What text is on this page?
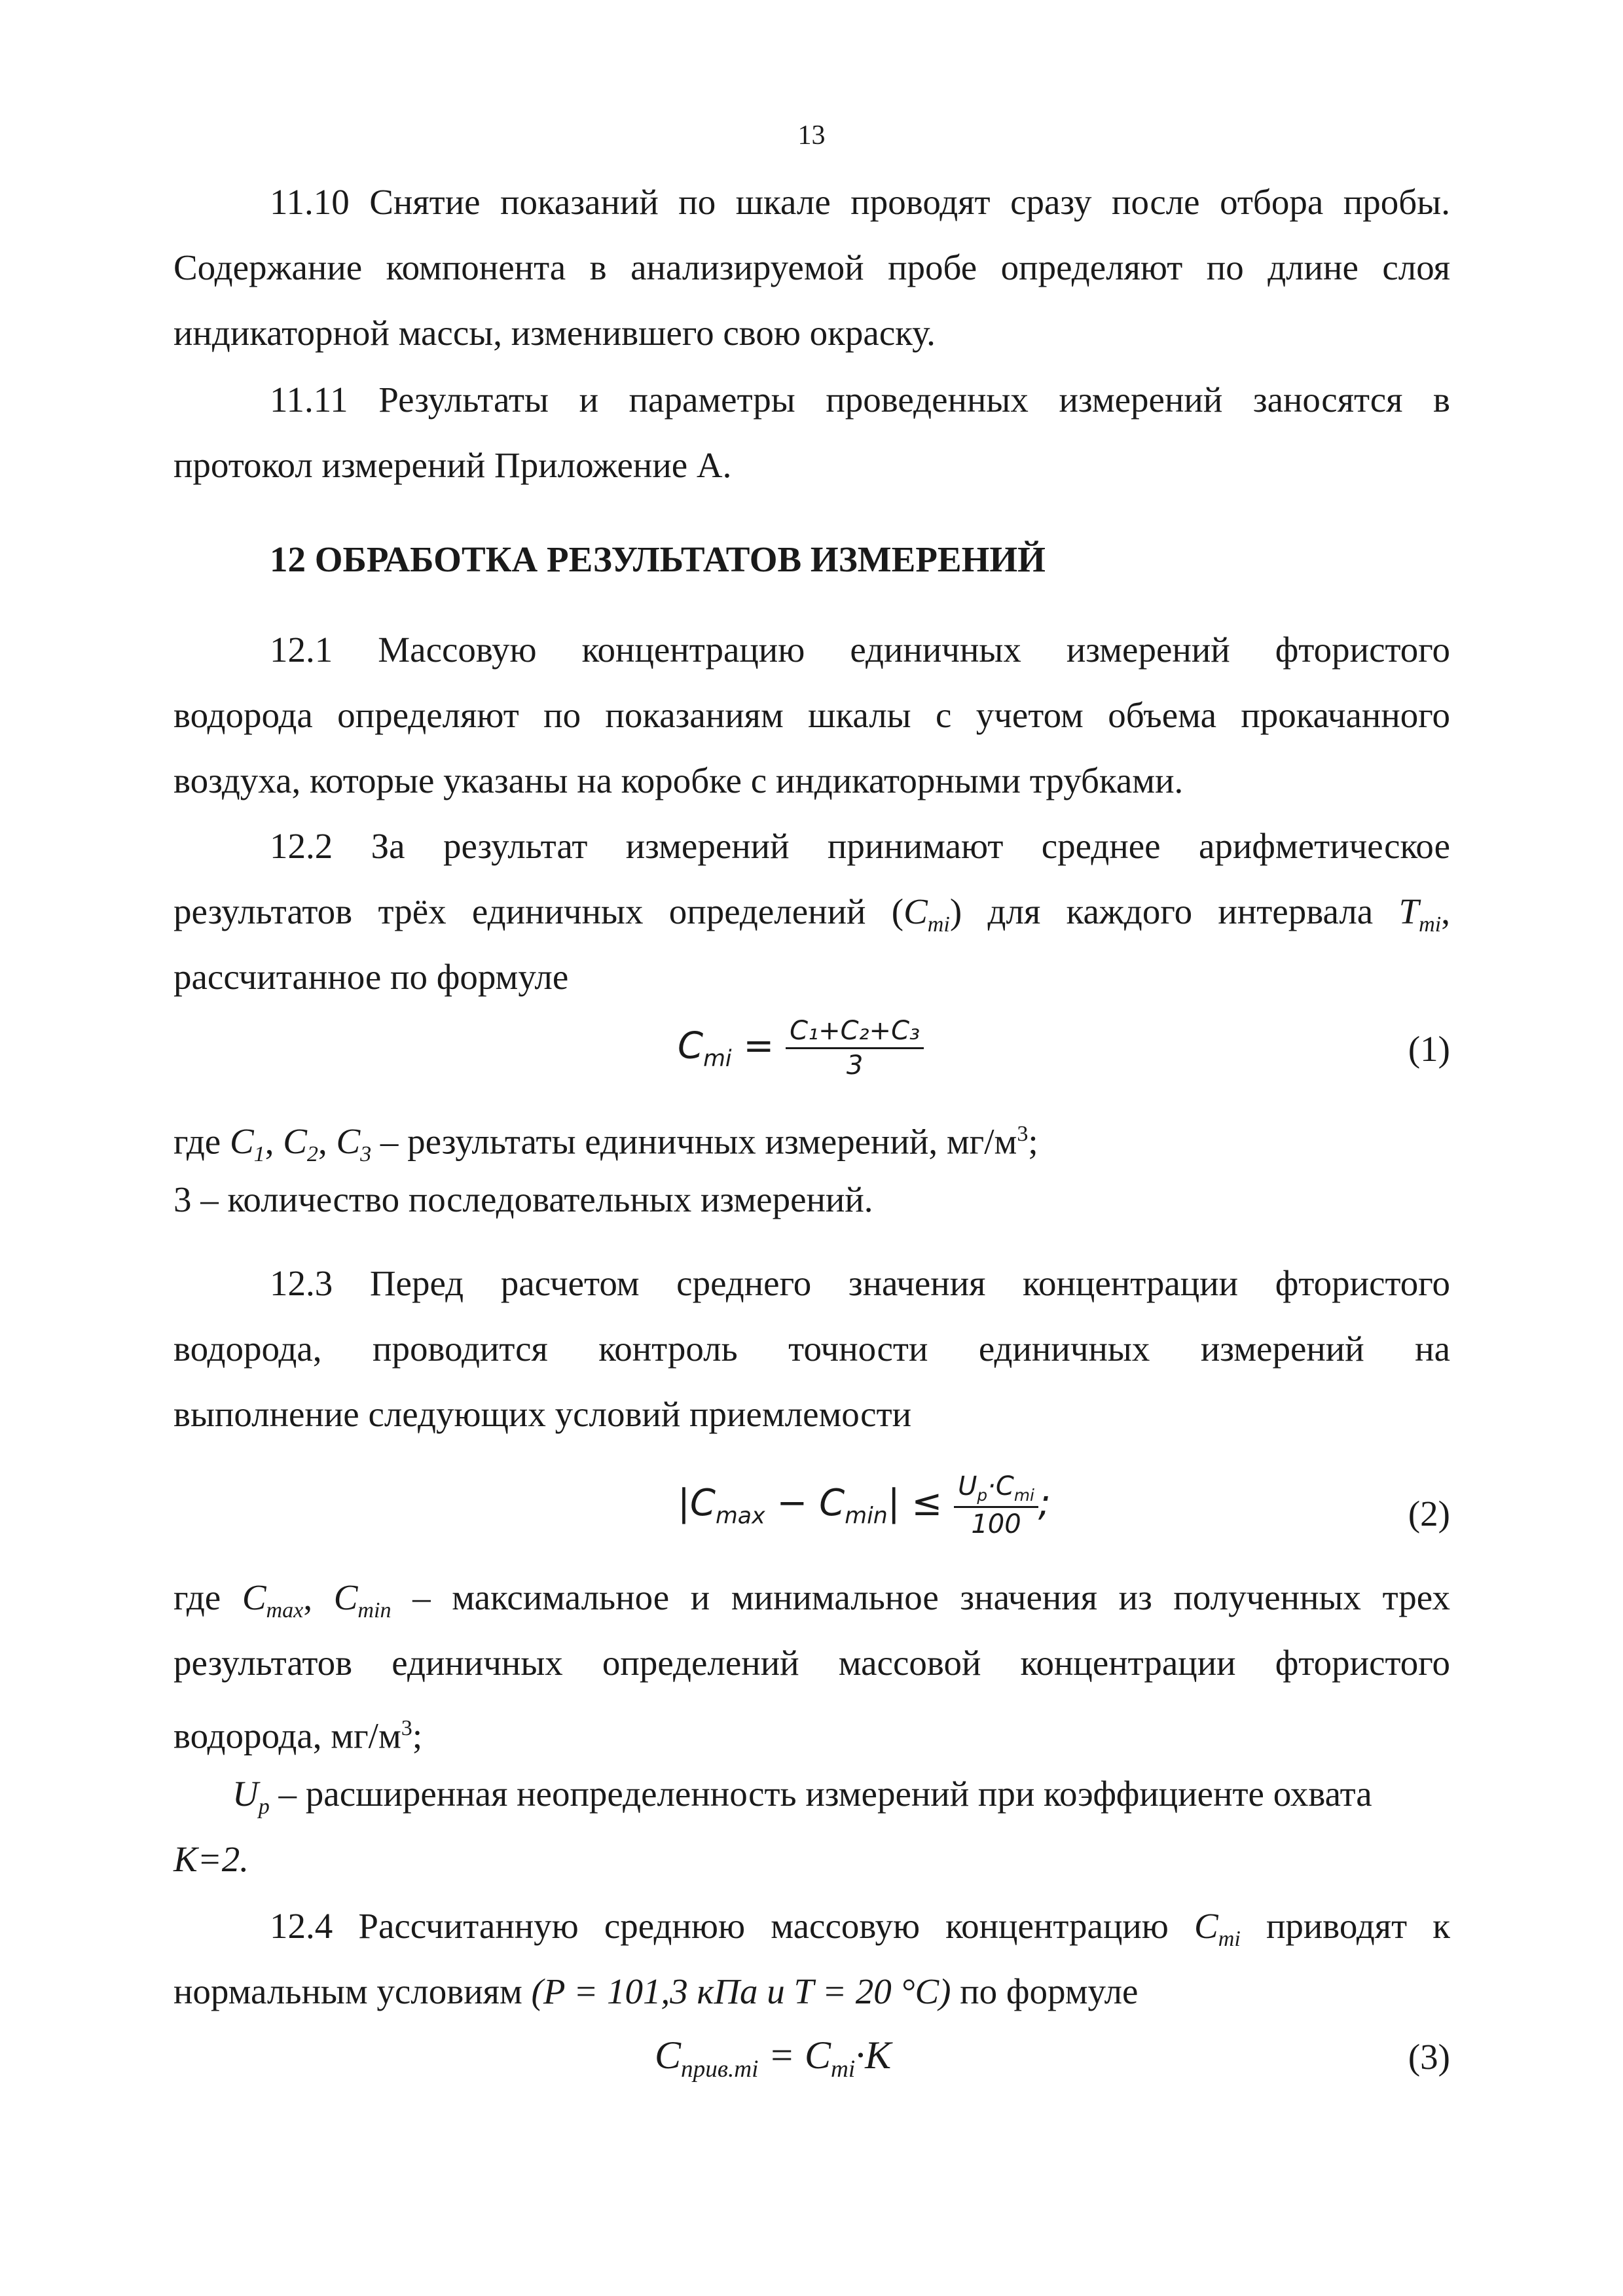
13
11.10 Снятие показаний по шкале проводят сразу после отбора пробы.
Содержание компонента в анализируемой пробе определяют по длине слоя
индикаторной массы, изменившего свою окраску.
11.11 Результаты и параметры проведенных измерений заносятся в
протокол измерений Приложение А.
12 ОБРАБОТКА РЕЗУЛЬТАТОВ ИЗМЕРЕНИЙ
12.1 Массовую концентрацию единичных измерений фтористого
водорода определяют по показаниям шкалы с учетом объема прокачанного
воздуха, которые указаны на коробке с индикаторными трубками.
12.2 За результат измерений принимают среднее арифметическое
результатов трёх единичных определений $(C_{mi})$ для каждого интервала $T_{mi}$,
рассчитанное по формуле
$C_{mi} = \frac{\text{C₁+C₂+C₃}}{3}$	(1)
где $C_1$, $C_2$, $C_3$ – результаты единичных измерений, $мг/м^3$;
3 – количество последовательных измерений.
12.3 Перед расчетом среднего значения концентрации фтористого
водорода, проводится контроль точности единичных измерений на
выполнение следующих условий приемлемости
$|C_{max} - C_{min}| \le \frac{U_p\cdot C_{mi}}{100}$ ;	(2)
где $C_{max}$, $C_{min}$ – максимальное и минимальное значения из полученных трех
результатов единичных определений массовой концентрации фтористого
водорода, $мг/м^3$;
$U_p$ – расширенная неопределенность измерений при коэффициенте охвата
K=2.
12.4 Рассчитанную среднюю массовую концентрацию $C_{mi}$ приводят к
нормальным условиям (P = 101,3 кПа и T = 20 °C) по формуле
$C_{прив.mi} = C_{mi}\cdot K$	(3)
